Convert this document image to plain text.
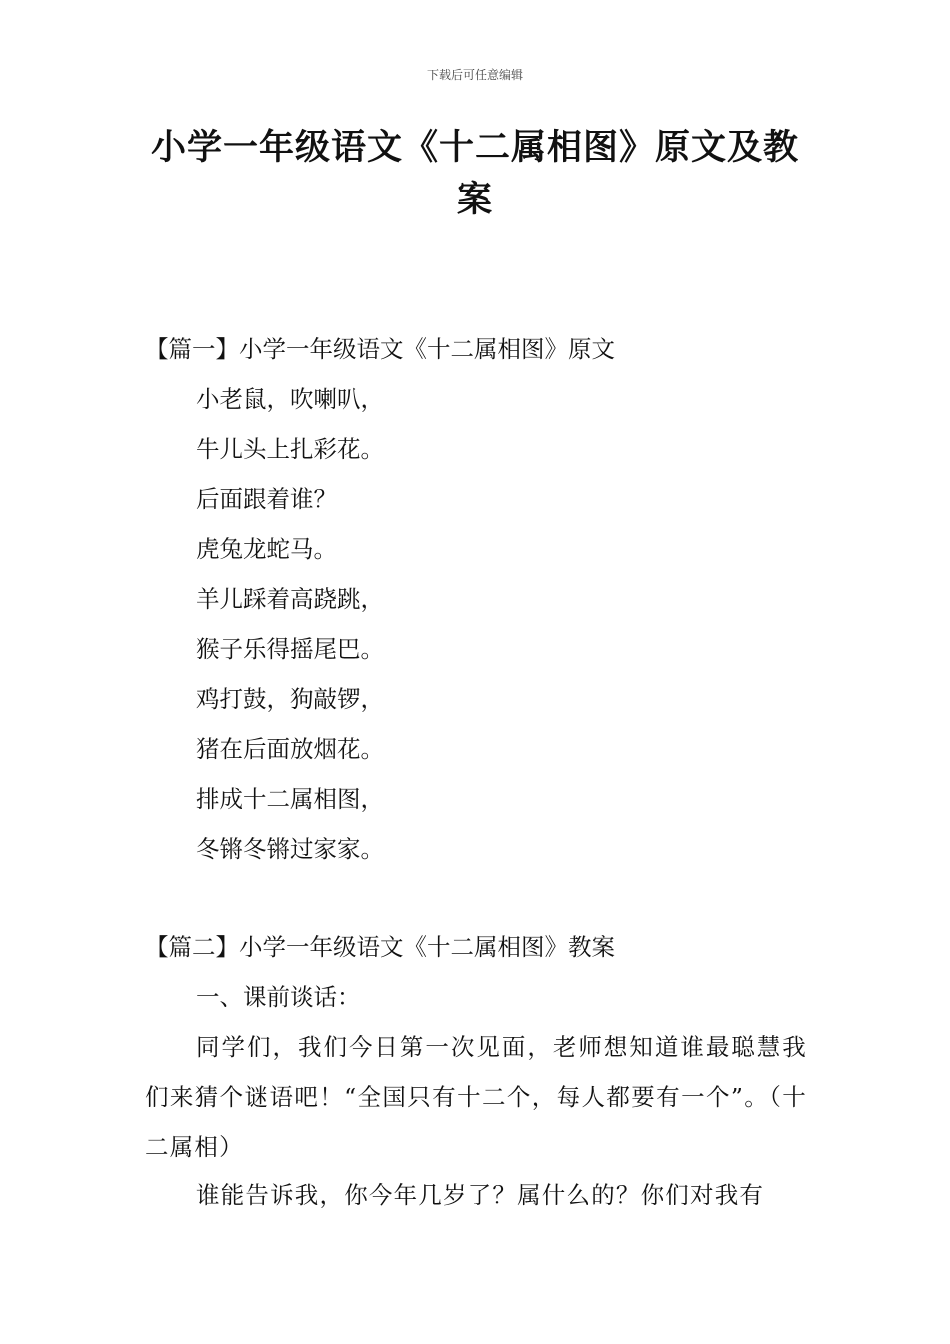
下载后可任意编辑
小学一年级语文《十二属相图》原文及教案
【篇一】小学一年级语文《十二属相图》原文
小老鼠，吹喇叭，
牛儿头上扎彩花。
后面跟着谁？
虎兔龙蛇马。
羊儿踩着高跷跳，
猴子乐得摇尾巴。
鸡打鼓，狗敲锣，
猪在后面放烟花。
排成十二属相图，
冬锵冬锵过家家。
【篇二】小学一年级语文《十二属相图》教案
一、课前谈话：
同学们，我们今日第一次见面，老师想知道谁最聪慧我们来猜个谜语吧！“全国只有十二个，每人都要有一个”。（十二属相）
谁能告诉我，你今年几岁了？属什么的？你们对我有
